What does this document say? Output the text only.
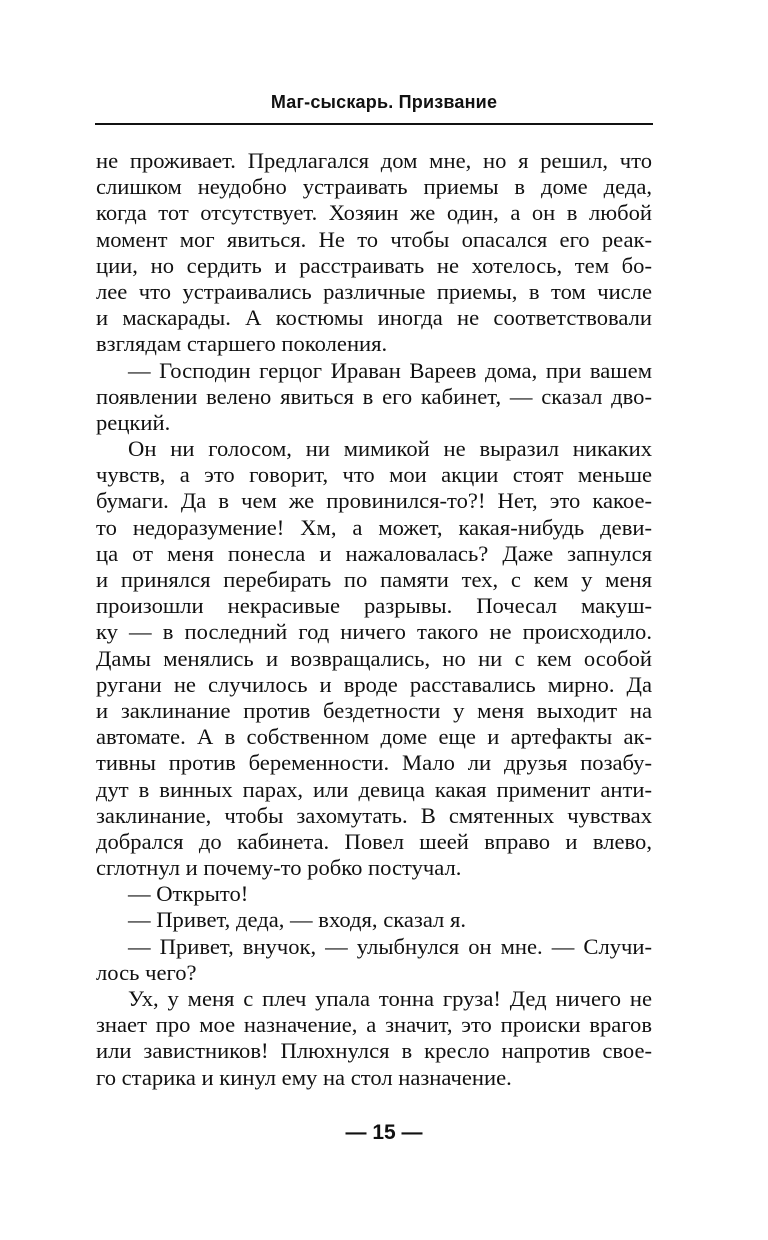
Маг-сыскарь. Призвание
не проживает. Предлагался дом мне, но я решил, что
слишком неудобно устраивать приемы в доме деда,
когда тот отсутствует. Хозяин же один, а он в любой
момент мог явиться. Не то чтобы опасался его реак-
ции, но сердить и расстраивать не хотелось, тем бо-
лее что устраивались различные приемы, в том числе
и маскарады. А костюмы иногда не соответствовали
взглядам старшего поколения.
— Господин герцог Ираван Вареев дома, при вашем
появлении велено явиться в его кабинет, — сказал дво-
рецкий.
Он ни голосом, ни мимикой не выразил никаких
чувств, а это говорит, что мои акции стоят меньше
бумаги. Да в чем же провинился-то?! Нет, это какое-
то недоразумение! Хм, а может, какая-нибудь деви-
ца от меня понесла и нажаловалась? Даже запнулся
и принялся перебирать по памяти тех, с кем у меня
произошли некрасивые разрывы. Почесал макуш-
ку — в последний год ничего такого не происходило.
Дамы менялись и возвращались, но ни с кем особой
ругани не случилось и вроде расставались мирно. Да
и заклинание против бездетности у меня выходит на
автомате. А в собственном доме еще и артефакты ак-
тивны против беременности. Мало ли друзья позабу-
дут в винных парах, или девица какая применит анти-
заклинание, чтобы захомутать. В смятенных чувствах
добрался до кабинета. Повел шеей вправо и влево,
сглотнул и почему-то робко постучал.
— Открыто!
— Привет, деда, — входя, сказал я.
— Привет, внучок, — улыбнулся он мне. — Случи-
лось чего?
Ух, у меня с плеч упала тонна груза! Дед ничего не
знает про мое назначение, а значит, это происки врагов
или завистников! Плюхнулся в кресло напротив свое-
го старика и кинул ему на стол назначение.
— 15 —
